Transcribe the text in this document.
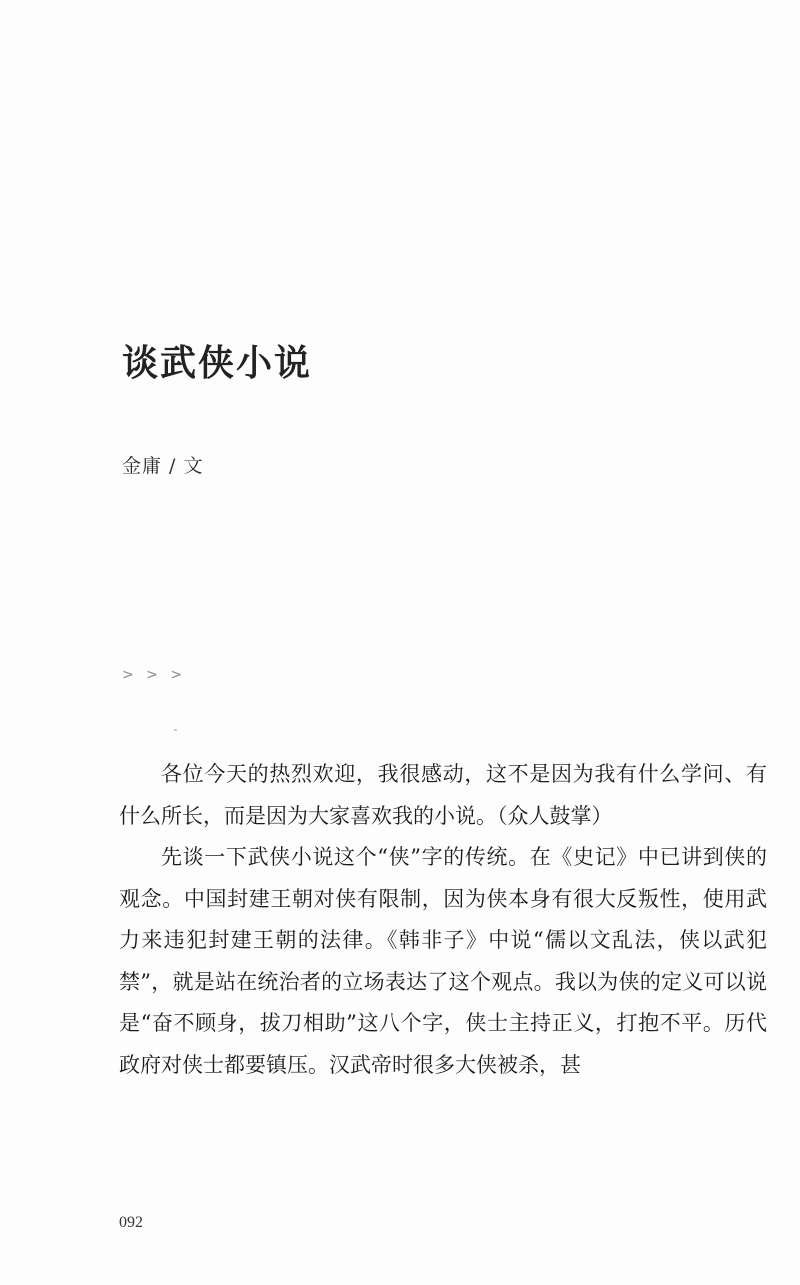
谈武侠小说
金庸 / 文
> > >

各位今天的热烈欢迎，我很感动，这不是因为我有什么学问、有什么所长，而是因为大家喜欢我的小说。（众人鼓掌）

先谈一下武侠小说这个“侠”字的传统。在《史记》中已讲到侠的观念。中国封建王朝对侠有限制，因为侠本身有很大反叛性，使用武力来违犯封建王朝的法律。《韩非子》中说“儒以文乱法，侠以武犯禁”，就是站在统治者的立场表达了这个观点。我以为侠的定义可以说是“奋不顾身，拔刀相助”这八个字，侠士主持正义，打抱不平。历代政府对侠士都要镇压。汉武帝时很多大侠被杀，甚

092
